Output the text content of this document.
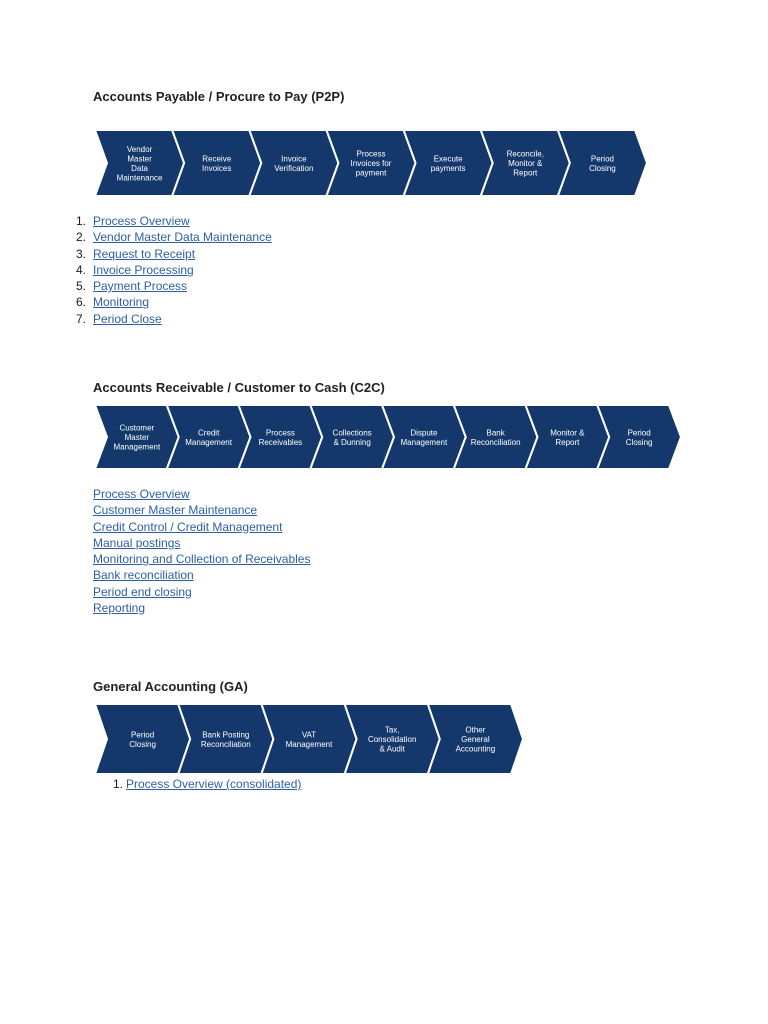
Accounts Payable / Procure to Pay (P2P)
Vendor
Master
Data
Maintenance
Receive
Invoices
Invoice
Verification
Process
Invoices for
payment
Execute
payments
Reconcile,
Monitor &
Report
Period
Closing
1. Process Overview
2. Vendor Master Data Maintenance
3. Request to Receipt
4. Invoice Processing
5. Payment Process
6. Monitoring
7. Period Close
Accounts Receivable / Customer to Cash (C2C)
Customer
Master
Management
Credit
Management
Process
Receivables
Collections
& Dunning
Dispute
Management
Bank
Reconciliation
Monitor &
Report
Period
Closing
Process Overview
Customer Master Maintenance
Credit Control / Credit Management
Manual postings
Monitoring and Collection of Receivables
Bank reconciliation
Period end closing
Reporting
General Accounting (GA)
Period
Closing
Bank Posting
Reconciliation
VAT
Management
Tax,
Consolidation
& Audit
Other
General
Accounting
1. Process Overview (consolidated)
